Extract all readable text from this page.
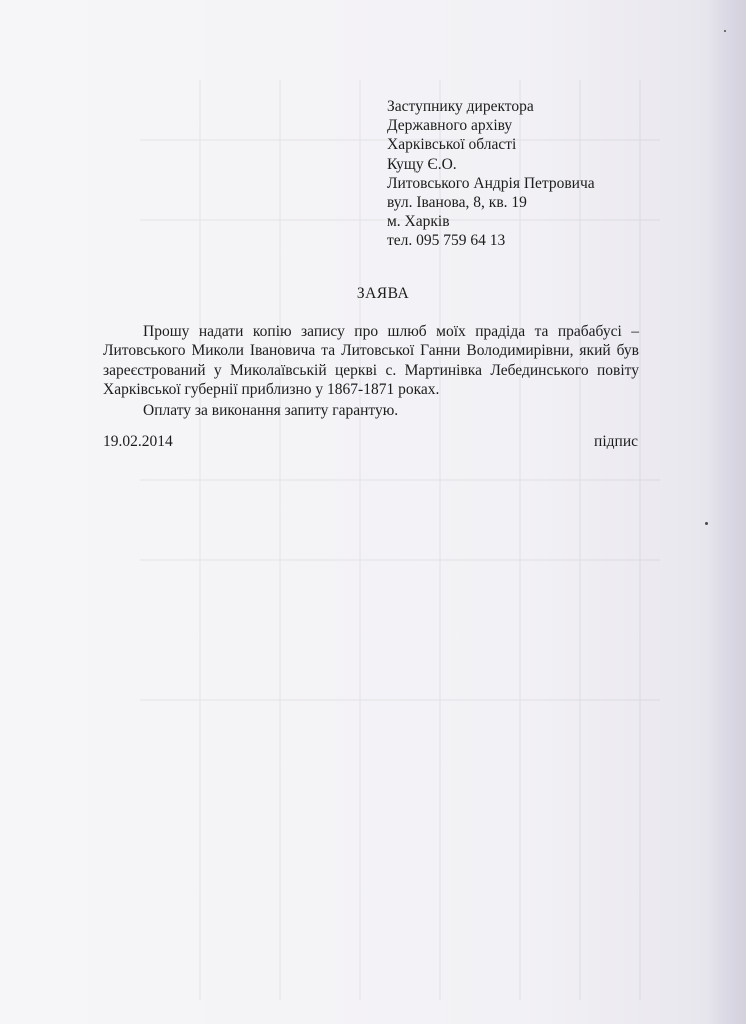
Заступнику директора
Державного архіву
Харківської області
Кущу Є.О.
Литовського Андрія Петровича
вул. Іванова, 8, кв. 19
м. Харків
тел. 095 759 64 13
ЗАЯВА

Прошу надати копію запису про шлюб моїх прадіда та прабабусі – Литовського Миколи Івановича та Литовської Ганни Володимирівни, який був зареєстрований у Миколаївській церкві с. Мартинівка Лебединського повіту Харківської губернії приблизно у 1867-1871 роках.

Оплату за виконання запиту гарантую.

19.02.2014	підпис
